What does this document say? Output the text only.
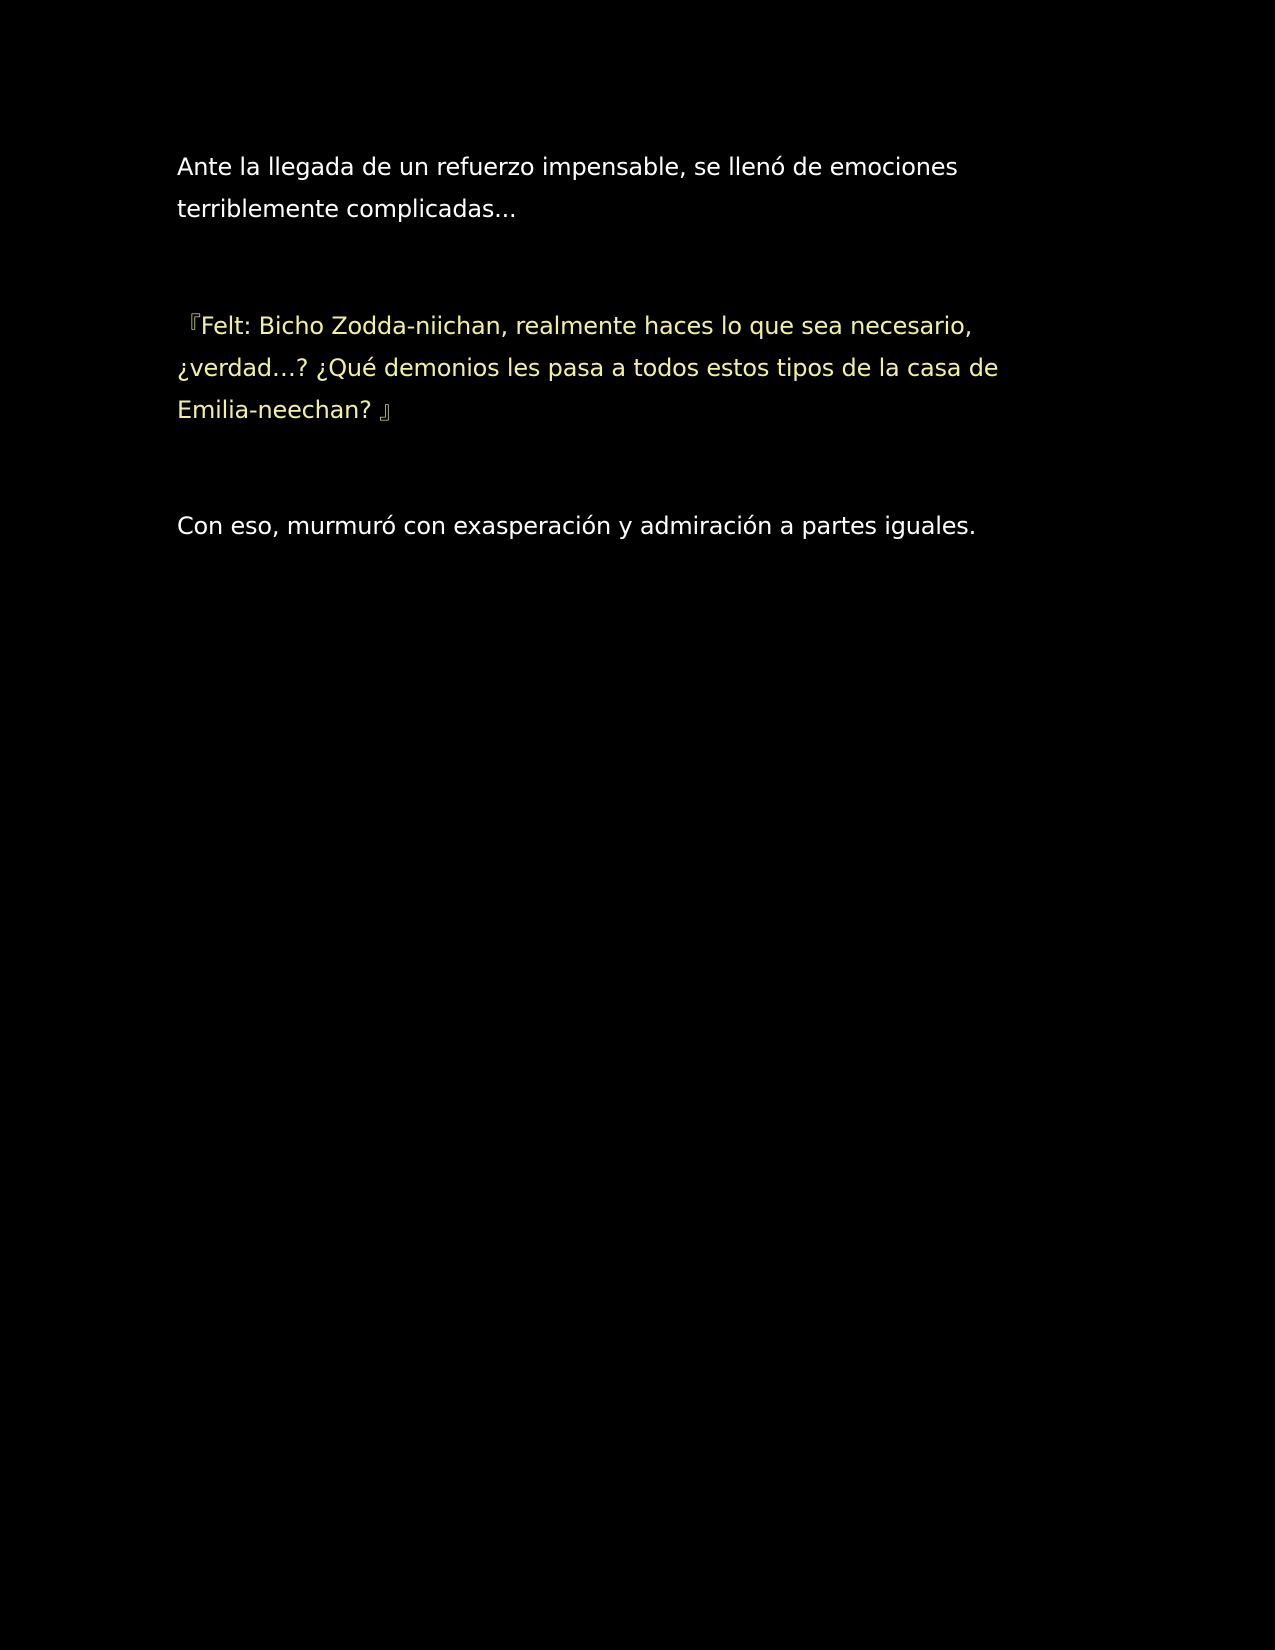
Ante la llegada de un refuerzo impensable, se llenó de emociones terriblemente complicadas...

『Felt: Bicho Zodda-niichan, realmente haces lo que sea necesario, ¿verdad…? ¿Qué demonios les pasa a todos estos tipos de la casa de Emilia-neechan? 』

Con eso, murmuró con exasperación y admiración a partes iguales.
